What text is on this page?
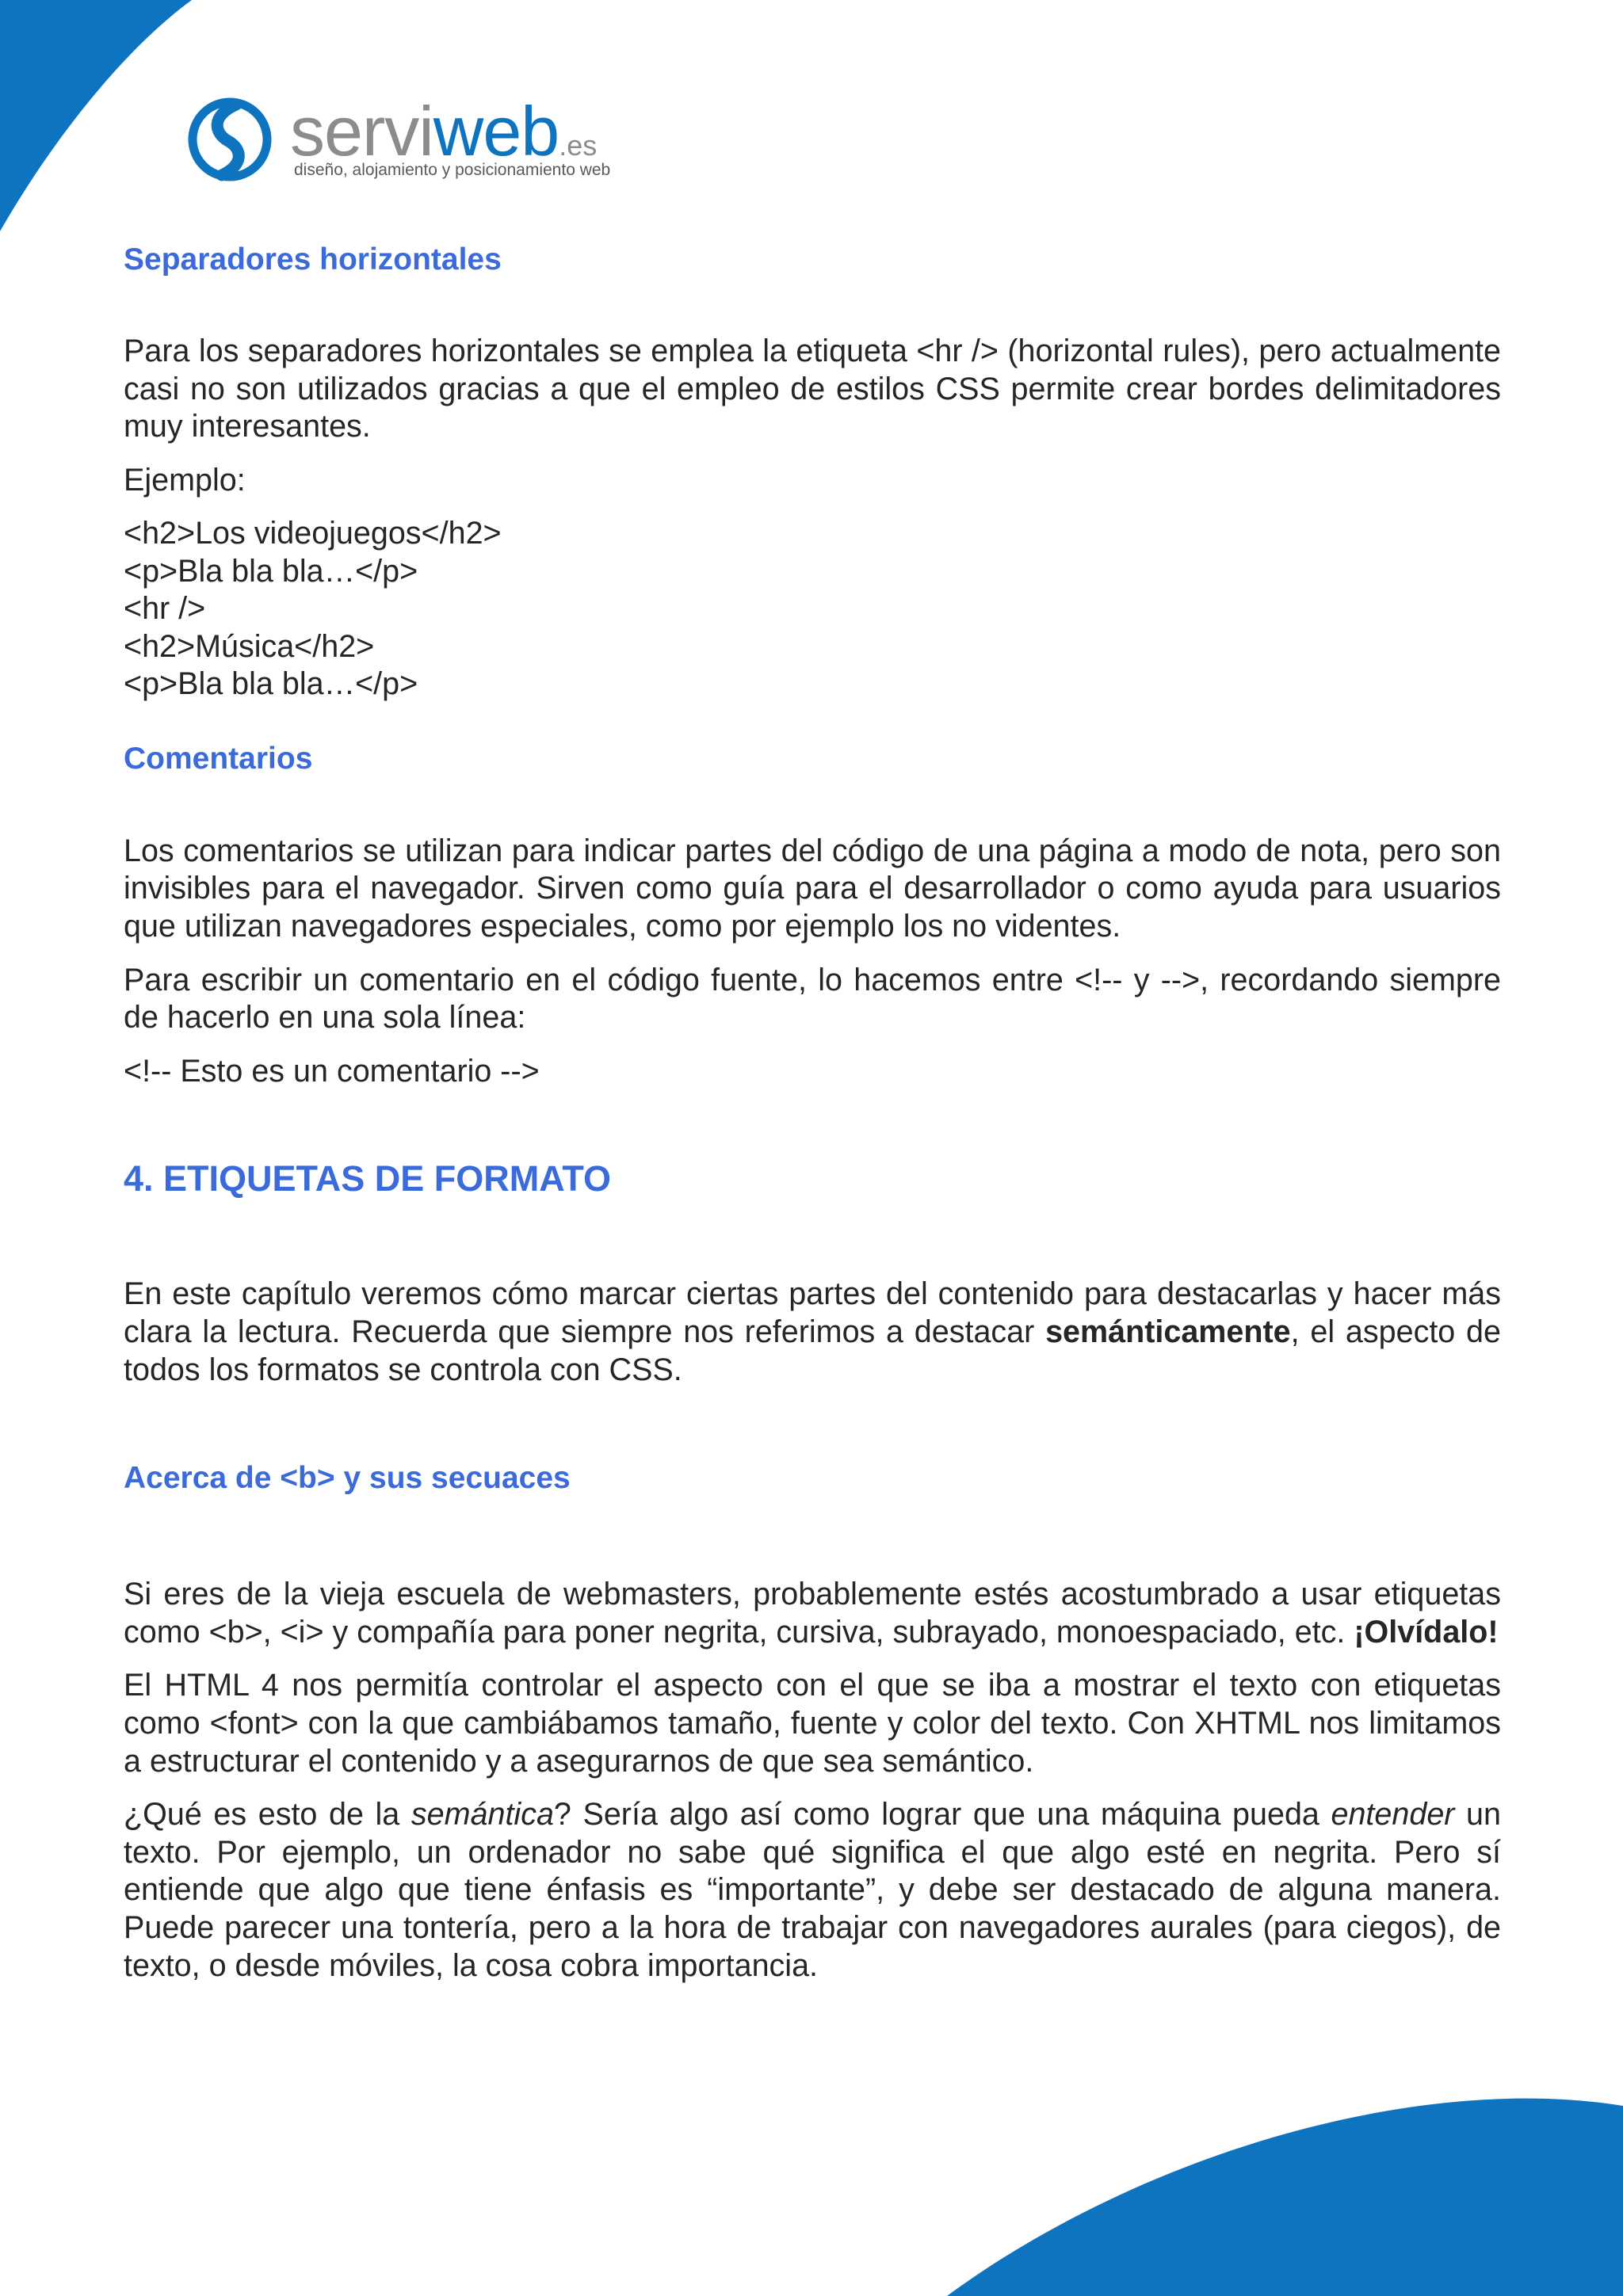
serviweb.es
diseño, alojamiento y posicionamiento web
Separadores horizontales

Para los separadores horizontales se emplea la etiqueta <hr /> (horizontal rules), pero actualmente casi no son utilizados gracias a que el empleo de estilos CSS permite crear bordes delimitadores muy interesantes.

Ejemplo:

<h2>Los videojuegos</h2>
<p>Bla bla bla…</p>
<hr />
<h2>Música</h2>
<p>Bla bla bla…</p>
Comentarios

Los comentarios se utilizan para indicar partes del código de una página a modo de nota, pero son invisibles para el navegador. Sirven como guía para el desarrollador o como ayuda para usuarios que utilizan navegadores especiales, como por ejemplo los no videntes.

Para escribir un comentario en el código fuente, lo hacemos entre <!-- y -->, recordando siempre de hacerlo en una sola línea:

<!-- Esto es un comentario -->

4. ETIQUETAS DE FORMATO

En este capítulo veremos cómo marcar ciertas partes del contenido para destacarlas y hacer más clara la lectura. Recuerda que siempre nos referimos a destacar semánticamente, el aspecto de todos los formatos se controla con CSS.

Acerca de <b> y sus secuaces

Si eres de la vieja escuela de webmasters, probablemente estés acostumbrado a usar etiquetas como <b>, <i> y compañía para poner negrita, cursiva, subrayado, monoespaciado, etc. ¡Olvídalo!

El HTML 4 nos permitía controlar el aspecto con el que se iba a mostrar el texto con etiquetas como <font> con la que cambiábamos tamaño, fuente y color del texto. Con XHTML nos limitamos a estructurar el contenido y a asegurarnos de que sea semántico.

¿Qué es esto de la semántica? Sería algo así como lograr que una máquina pueda entender un texto. Por ejemplo, un ordenador no sabe qué significa el que algo esté en negrita. Pero sí entiende que algo que tiene énfasis es “importante”, y debe ser destacado de alguna manera. Puede parecer una tontería, pero a la hora de trabajar con navegadores aurales (para ciegos), de texto, o desde móviles, la cosa cobra importancia.
